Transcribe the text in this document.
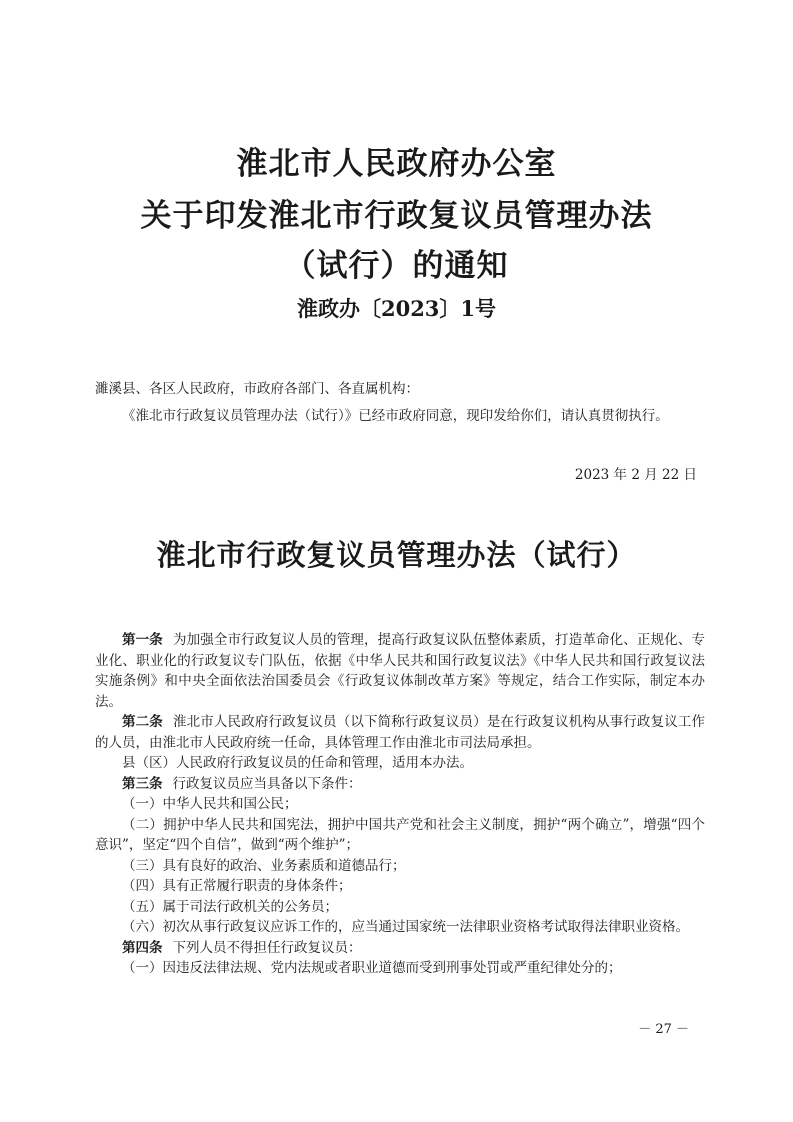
淮北市人民政府办公室
关于印发淮北市行政复议员管理办法
（试行）的通知
淮政办〔2023〕1号
濉溪县、各区人民政府，市政府各部门、各直属机构：
《淮北市行政复议员管理办法（试行）》已经市政府同意，现印发给你们，请认真贯彻执行。
2023 年 2 月 22 日
淮北市行政复议员管理办法（试行）

第一条 为加强全市行政复议人员的管理，提高行政复议队伍整体素质，打造革命化、正规化、专业化、职业化的行政复议专门队伍，依据《中华人民共和国行政复议法》《中华人民共和国行政复议法实施条例》和中央全面依法治国委员会《行政复议体制改革方案》等规定，结合工作实际，制定本办法。

第二条 淮北市人民政府行政复议员（以下简称行政复议员）是在行政复议机构从事行政复议工作的人员，由淮北市人民政府统一任命，具体管理工作由淮北市司法局承担。

县（区）人民政府行政复议员的任命和管理，适用本办法。

第三条 行政复议员应当具备以下条件：

（一）中华人民共和国公民；

（二）拥护中华人民共和国宪法，拥护中国共产党和社会主义制度，拥护“两个确立”，增强“四个意识”，坚定“四个自信”，做到“两个维护”；

（三）具有良好的政治、业务素质和道德品行；

（四）具有正常履行职责的身体条件；

（五）属于司法行政机关的公务员；

（六）初次从事行政复议应诉工作的，应当通过国家统一法律职业资格考试取得法律职业资格。

第四条 下列人员不得担任行政复议员：

（一）因违反法律法规、党内法规或者职业道德而受到刑事处罚或严重纪律处分的；

－ 27 －
